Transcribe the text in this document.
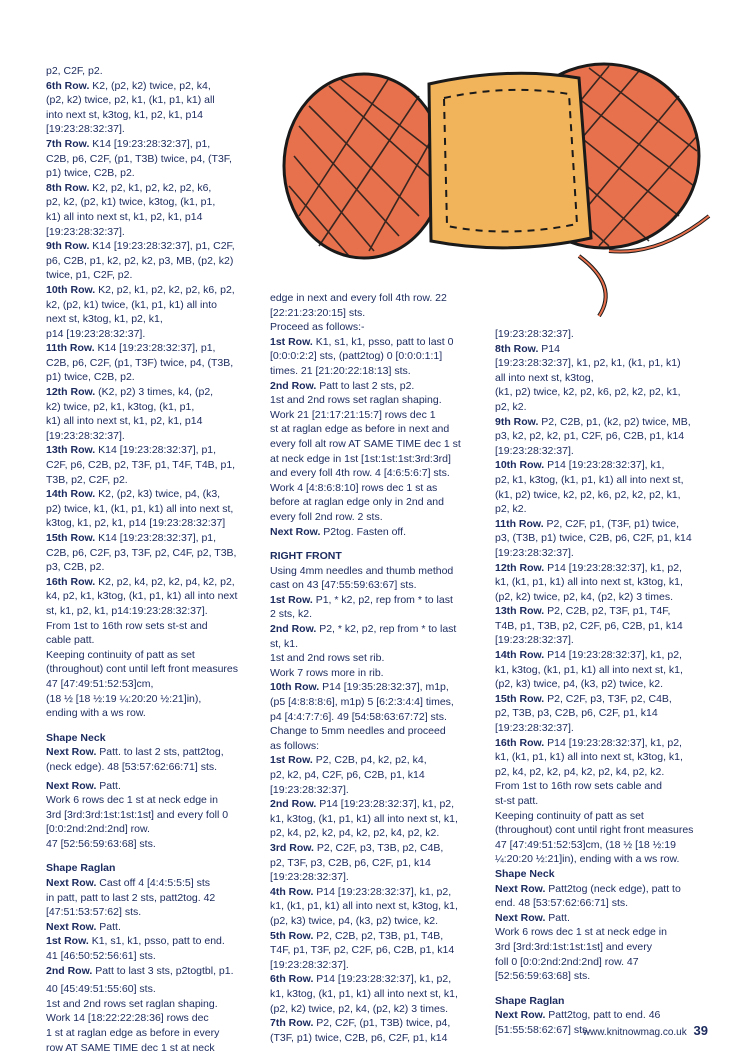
p2, C2F, p2.

6th Row. K2, (p2, k2) twice, p2, k4,
(p2, k2) twice, p2, k1, (k1, p1, k1) all
into next st, k3tog, k1, p2, k1, p14
[19:23:28:32:37].

7th Row. K14 [19:23:28:32:37], p1,
C2B, p6, C2F, (p1, T3B) twice, p4, (T3F,
p1) twice, C2B, p2.

8th Row. K2, p2, k1, p2, k2, p2, k6,
p2, k2, (p2, k1) twice, k3tog, (k1, p1,
k1) all into next st, k1, p2, k1, p14
[19:23:28:32:37].

9th Row. K14 [19:23:28:32:37], p1, C2F,
p6, C2B, p1, k2, p2, k2, p3, MB, (p2, k2)
twice, p1, C2F, p2.

10th Row. K2, p2, k1, p2, k2, p2, k6, p2,
k2, (p2, k1) twice, (k1, p1, k1) all into
next st, k3tog, k1, p2, k1,
p14 [19:23:28:32:37].

11th Row. K14 [19:23:28:32:37], p1,
C2B, p6, C2F, (p1, T3F) twice, p4, (T3B,
p1) twice, C2B, p2.

12th Row. (K2, p2) 3 times, k4, (p2,
k2) twice, p2, k1, k3tog, (k1, p1,
k1) all into next st, k1, p2, k1, p14
[19:23:28:32:37].

13th Row. K14 [19:23:28:32:37], p1,
C2F, p6, C2B, p2, T3F, p1, T4F, T4B, p1,
T3B, p2, C2F, p2.

14th Row. K2, (p2, k3) twice, p4, (k3,
p2) twice, k1, (k1, p1, k1) all into next st,
k3tog, k1, p2, k1, p14 [19:23:28:32:37]

15th Row. K14 [19:23:28:32:37], p1,
C2B, p6, C2F, p3, T3F, p2, C4F, p2, T3B,
p3, C2B, p2.

16th Row. K2, p2, k4, p2, k2, p4, k2, p2,
k4, p2, k1, k3tog, (k1, p1, k1) all into next
st, k1, p2, k1, p14:19:23:28:32:37].

From 1st to 16th row sets st-st and
cable patt.
Keeping continuity of patt as set
(throughout) cont until left front measures
47 [47:49:51:52:53]cm,
(18 ½ [18 ½:19 ¼:20:20 ½:21]in),
ending with a ws row.

Shape Neck

Next Row. Patt. to last 2 sts, patt2tog,
(neck edge). 48 [53:57:62:66:71] sts.

Next Row. Patt.

Work 6 rows dec 1 st at neck edge in
3rd [3rd:3rd:1st:1st:1st] and every foll 0
[0:0:2nd:2nd:2nd] row.
47 [52:56:59:63:68] sts.

Shape Raglan

Next Row. Cast off 4 [4:4:5:5:5] sts
in patt, patt to last 2 sts, patt2tog. 42
[47:51:53:57:62] sts.

Next Row. Patt.

1st Row. K1, s1, k1, psso, patt to end.
41 [46:50:52:56:61] sts.

2nd Row. Patt to last 3 sts, p2togtbl, p1.

40 [45:49:51:55:60] sts.
1st and 2nd rows set raglan shaping.
Work 14 [18:22:22:28:36] rows dec
1 st at raglan edge as before in every
row AT SAME TIME dec 1 st at neck

edge in next and every foll 4th row. 22
[22:21:23:20:15] sts.
Proceed as follows:-

1st Row. K1, s1, k1, psso, patt to last 0
[0:0:0:2:2] sts, (patt2tog) 0 [0:0:0:1:1]
times. 21 [21:20:22:18:13] sts.

2nd Row. Patt to last 2 sts, p2.

1st and 2nd rows set raglan shaping.
Work 21 [21:17:21:15:7] rows dec 1
st at raglan edge as before in next and
every foll alt row AT SAME TIME dec 1 st
at neck edge in 1st [1st:1st:1st:3rd:3rd]
and every foll 4th row. 4 [4:6:5:6:7] sts.
Work 4 [4:8:6:8:10] rows dec 1 st as
before at raglan edge only in 2nd and
every foll 2nd row. 2 sts.

Next Row. P2tog. Fasten off.

RIGHT FRONT

Using 4mm needles and thumb method
cast on 43 [47:55:59:63:67] sts.

1st Row. P1, * k2, p2, rep from * to last
2 sts, k2.

2nd Row. P2, * k2, p2, rep from * to last
st, k1.

1st and 2nd rows set rib.
Work 7 rows more in rib.

10th Row. P14 [19:35:28:32:37], m1p,
(p5 [4:8:8:8:6], m1p) 5 [6:2:3:4:4] times,
p4 [4:4:7:7:6]. 49 [54:58:63:67:72] sts.

Change to 5mm needles and proceed
as follows:

1st Row. P2, C2B, p4, k2, p2, k4,
p2, k2, p4, C2F, p6, C2B, p1, k14
[19:23:28:32:37].

2nd Row. P14 [19:23:28:32:37], k1, p2,
k1, k3tog, (k1, p1, k1) all into next st, k1,
p2, k4, p2, k2, p4, k2, p2, k4, p2, k2.

3rd Row. P2, C2F, p3, T3B, p2, C4B,
p2, T3F, p3, C2B, p6, C2F, p1, k14
[19:23:28:32:37].

4th Row. P14 [19:23:28:32:37], k1, p2,
k1, (k1, p1, k1) all into next st, k3tog, k1,
(p2, k3) twice, p4, (k3, p2) twice, k2.

5th Row. P2, C2B, p2, T3B, p1, T4B,
T4F, p1, T3F, p2, C2F, p6, C2B, p1, k14
[19:23:28:32:37].

6th Row. P14 [19:23:28:32:37], k1, p2,
k1, k3tog, (k1, p1, k1) all into next st, k1,
(p2, k2) twice, p2, k4, (p2, k2) 3 times.

7th Row. P2, C2F, (p1, T3B) twice, p4,
(T3F, p1) twice, C2B, p6, C2F, p1, k14

[19:23:28:32:37].

8th Row. P14
[19:23:28:32:37], k1, p2, k1, (k1, p1, k1)
all into next st, k3tog,
(k1, p2) twice, k2, p2, k6, p2, k2, p2, k1,
p2, k2.

9th Row. P2, C2B, p1, (k2, p2) twice, MB,
p3, k2, p2, k2, p1, C2F, p6, C2B, p1, k14
[19:23:28:32:37].

10th Row. P14 [19:23:28:32:37], k1,
p2, k1, k3tog, (k1, p1, k1) all into next st,
(k1, p2) twice, k2, p2, k6, p2, k2, p2, k1,
p2, k2.

11th Row. P2, C2F, p1, (T3F, p1) twice,
p3, (T3B, p1) twice, C2B, p6, C2F, p1, k14
[19:23:28:32:37].

12th Row. P14 [19:23:28:32:37], k1, p2,
k1, (k1, p1, k1) all into next st, k3tog, k1,
(p2, k2) twice, p2, k4, (p2, k2) 3 times.

13th Row. P2, C2B, p2, T3F, p1, T4F,
T4B, p1, T3B, p2, C2F, p6, C2B, p1, k14
[19:23:28:32:37].

14th Row. P14 [19:23:28:32:37], k1, p2,
k1, k3tog, (k1, p1, k1) all into next st, k1,
(p2, k3) twice, p4, (k3, p2) twice, k2.

15th Row. P2, C2F, p3, T3F, p2, C4B,
p2, T3B, p3, C2B, p6, C2F, p1, k14
[19:23:28:32:37].

16th Row. P14 [19:23:28:32:37], k1, p2,
k1, (k1, p1, k1) all into next st, k3tog, k1,
p2, k4, p2, k2, p4, k2, p2, k4, p2, k2.

From 1st to 16th row sets cable and
st-st patt.
Keeping continuity of patt as set
(throughout) cont until right front measures
47 [47:49:51:52:53]cm, (18 ½ [18 ½:19
¼:20:20 ½:21]in), ending with a ws row.

Shape Neck

Next Row. Patt2tog (neck edge), patt to
end. 48 [53:57:62:66:71] sts.

Next Row. Patt.

Work 6 rows dec 1 st at neck edge in
3rd [3rd:3rd:1st:1st:1st] and every
foll 0 [0:0:2nd:2nd:2nd] row. 47
[52:56:59:63:68] sts.

Shape Raglan

Next Row. Patt2tog, patt to end. 46
[51:55:58:62:67] sts.

www.knitnowmag.co.uk 39
